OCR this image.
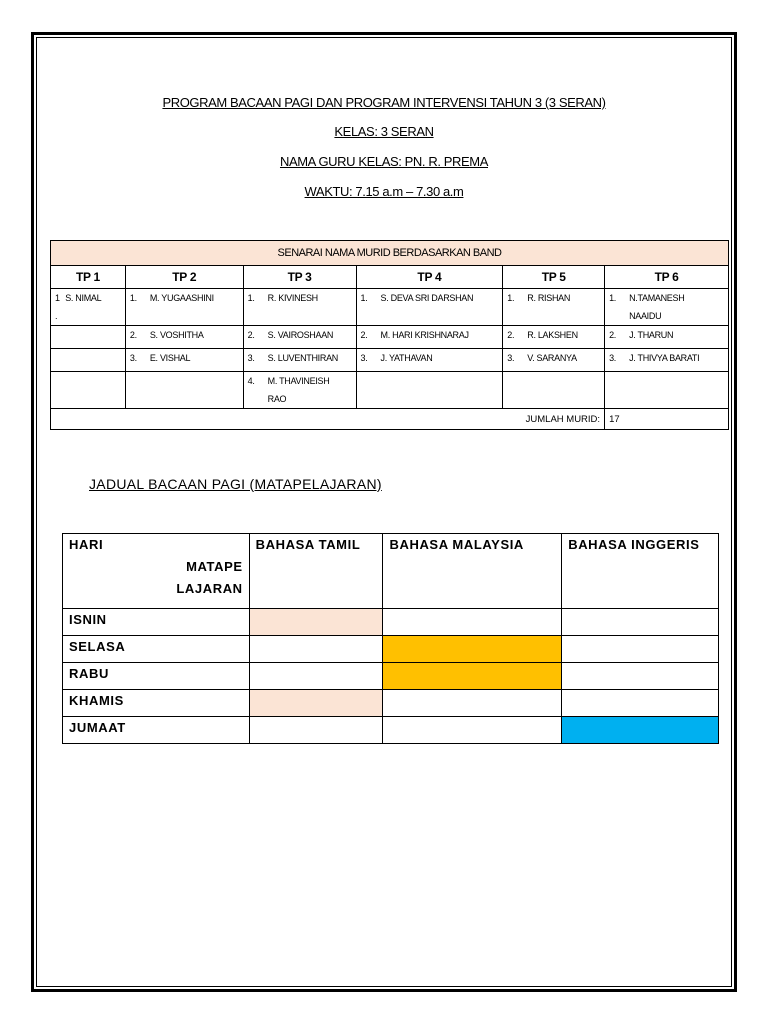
PROGRAM BACAAN PAGI DAN PROGRAM INTERVENSI TAHUN 3 (3 SERAN)
KELAS: 3 SERAN
NAMA GURU KELAS: PN. R. PREMA
WAKTU: 7.15 a.m – 7.30 a.m
SENARAI NAMA MURID BERDASARKAN BAND					
TP 1	TP 2	TP 3	TP 4	TP 5	TP 6
1 S. NIMAL
.	1. M. YUGAASHINI	1. R. KIVINESH	1. S. DEVA SRI DARSHAN	1. R. RISHAN	1. N.TAMANESH NAAIDU
	2. S. VOSHITHA	2. S. VAIROSHAAN	2. M. HARI KRISHNARAJ	2. R. LAKSHEN	2. J. THARUN
	3. E. VISHAL	3. S. LUVENTHIRAN	3. J. YATHAVAN	3. V. SARANYA	3. J. THIVYA BARATI
		4. M. THAVINEISH RAO			
JUMLAH MURID:					17
JADUAL BACAAN PAGI (MATAPELAJARAN)
HARI
MATAPE
LAJARAN	BAHASA TAMIL	BAHASA MALAYSIA	BAHASA INGGERIS
ISNIN			
SELASA			
RABU			
KHAMIS			
JUMAAT			
